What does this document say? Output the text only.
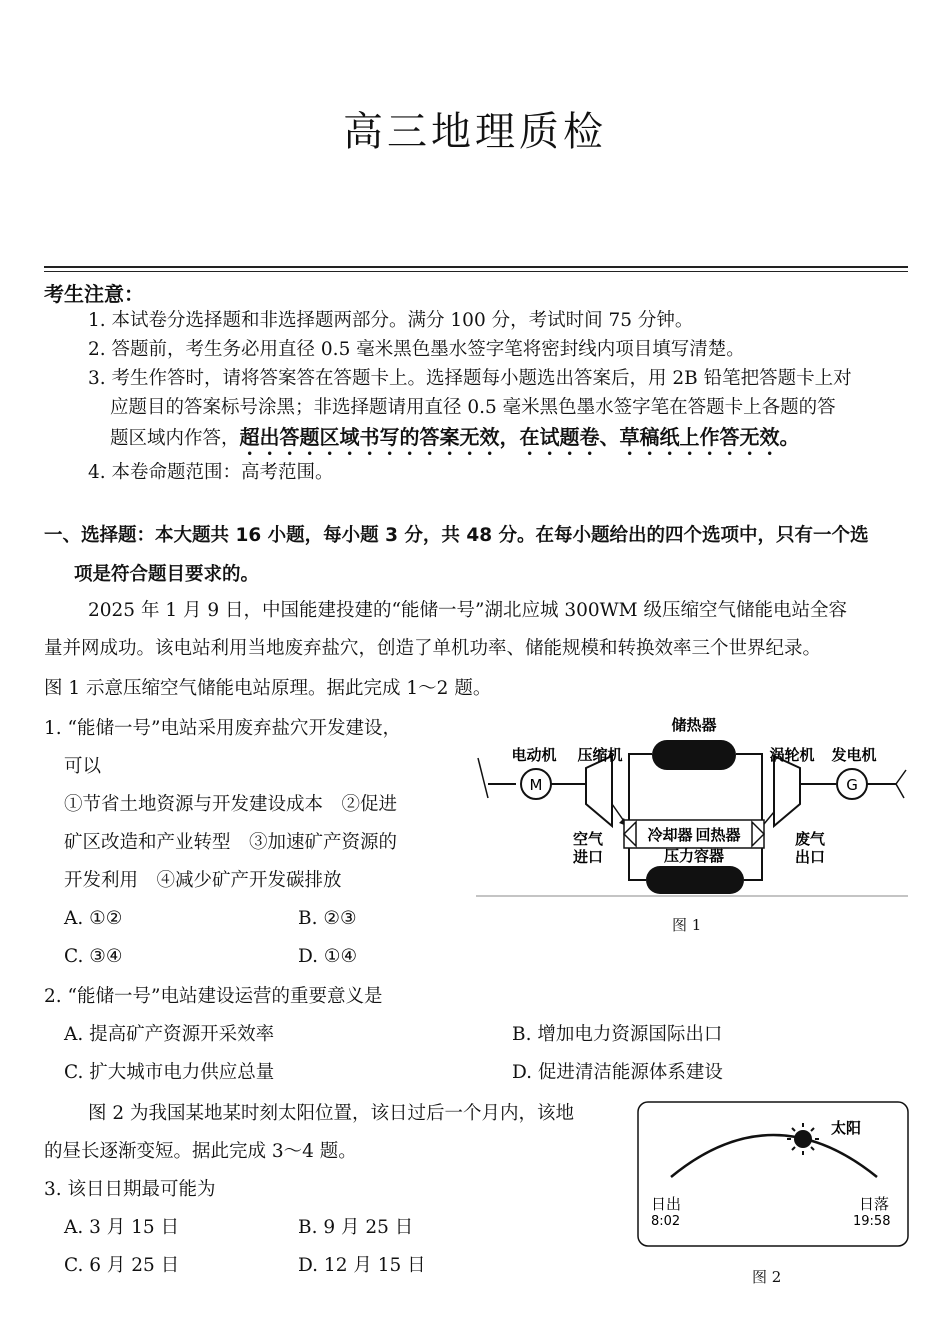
高三地理质检
考生注意：
1. 本试卷分选择题和非选择题两部分。满分 100 分，考试时间 75 分钟。
2. 答题前，考生务必用直径 0.5 毫米黑色墨水签字笔将密封线内项目填写清楚。
3. 考生作答时，请将答案答在答题卡上。选择题每小题选出答案后，用 2B 铅笔把答题卡上对
应题目的答案标号涂黑；非选择题请用直径 0.5 毫米黑色墨水签字笔在答题卡上各题的答
题区域内作答，超出答题区域书写的答案无效，在试题卷、草稿纸上作答无效。
4. 本卷命题范围：高考范围。
一、选择题：本大题共 16 小题，每小题 3 分，共 48 分。在每小题给出的四个选项中，只有一个选
项是符合题目要求的。
2025 年 1 月 9 日，中国能建投建的“能储一号”湖北应城 300WM 级压缩空气储能电站全容
量并网成功。该电站利用当地废弃盐穴，创造了单机功率、储能规模和转换效率三个世界纪录。
图 1 示意压缩空气储能电站原理。据此完成 1～2 题。
1. “能储一号”电站采用废弃盐穴开发建设，
可以
①节省土地资源与开发建设成本　②促进
矿区改造和产业转型　③加速矿产资源的
开发利用　④减少矿产开发碳排放
A. ①②	B. ②③
C. ③④	D. ①④
2. “能储一号”电站建设运营的重要意义是
A. 提高矿产资源开采效率	B. 增加电力资源国际出口
C. 扩大城市电力供应总量	D. 促进清洁能源体系建设
图 2 为我国某地某时刻太阳位置，该日过后一个月内，该地
的昼长逐渐变短。据此完成 3～4 题。
3. 该日日期最可能为
A. 3 月 15 日	B. 9 月 25 日
C. 6 月 25 日	D. 12 月 15 日
M
冷却器 回热器
G
储热器
电动机 压缩机	涡轮机 发电机
空气
进口	压力容器
废气
出口
图 1
太阳
日出
8:02
日落
19:58
图 2
